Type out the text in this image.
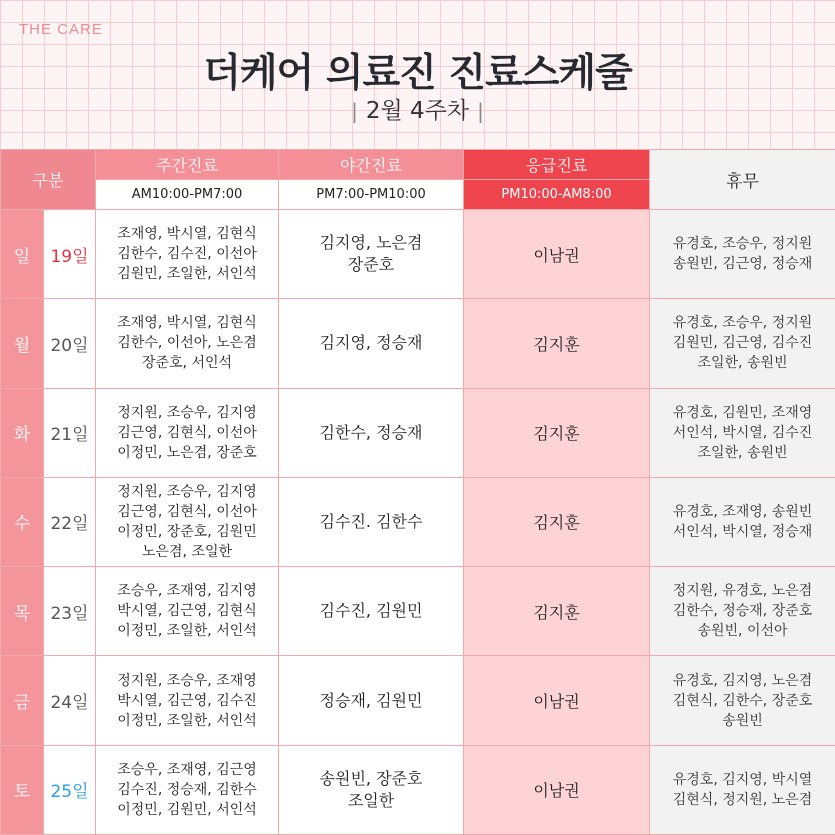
THE CARE
더케어 의료진 진료스케줄
| 2월 4주차 |
구분		주간진료	야간진료	응급진료	휴무
		AM10:00-PM7:00	PM7:00-PM10:00	PM10:00-AM8:00	
일	19일	조재영, 박시열, 김현식
김한수, 김수진, 이선아
김원민, 조일한, 서인석	김지영, 노은겸
장준호	이남권	유경호, 조승우, 정지원
송원빈, 김근영, 정승재

월	20일	조재영, 박시열, 김현식
김한수, 이선아, 노은겸
장준호, 서인석	김지영, 정승재	김지훈	유경호, 조승우, 정지원
김원민, 김근영, 김수진
조일한, 송원빈

화	21일	정지원, 조승우, 김지영
김근영, 김현식, 이선아
이정민, 노은겸, 장준호	김한수, 정승재	김지훈	유경호, 김원민, 조재영
서인석, 박시열, 김수진
조일한, 송원빈

수	22일	정지원, 조승우, 김지영
김근영, 김현식, 이선아
이정민, 장준호, 김원민
노은겸, 조일한	김수진. 김한수	김지훈	유경호, 조재영, 송원빈
서인석, 박시열, 정승재

목	23일	조승우, 조재영, 김지영
박시열, 김근영, 김현식
이정민, 조일한, 서인석	김수진, 김원민	김지훈	정지원, 유경호, 노은겸
김한수, 정승재, 장준호
송원빈, 이선아

금	24일	정지원, 조승우, 조재영
박시열, 김근영, 김수진
이정민, 조일한, 서인석	정승재, 김원민	이남권	유경호, 김지영, 노은겸
김현식, 김한수, 장준호
송원빈

토	25일	조승우, 조재영, 김근영
김수진, 정승재, 김한수
이정민, 김원민, 서인석	송원빈, 장준호
조일한	이남권	유경호, 김지영, 박시열
김현식, 정지원, 노은겸
